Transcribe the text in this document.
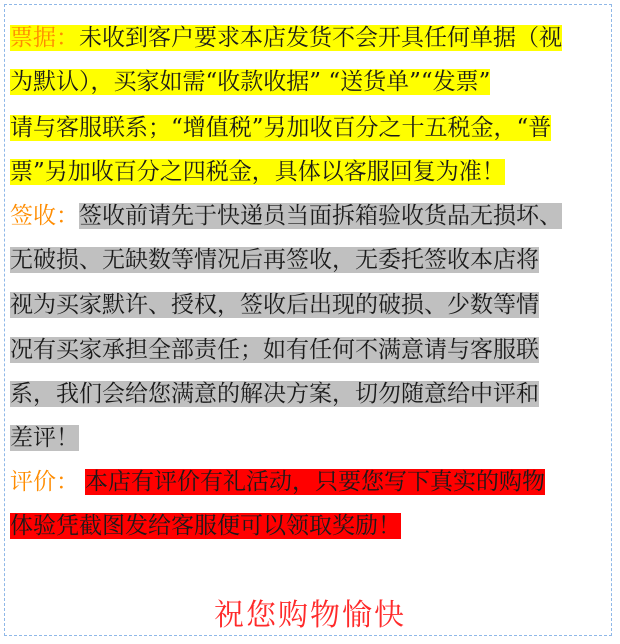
票据：未收到客户要求本店发货不会开具任何单据（视
为默认），买家如需“收款收据” “送货单”“发票”
请与客服联系；“增值税”另加收百分之十五税金，“普
票”另加收百分之四税金，具体以客服回复为准！
签收：签收前请先于快递员当面拆箱验收货品无损坏、
无破损、无缺数等情况后再签收，无委托签收本店将
视为买家默许、授权，签收后出现的破损、少数等情
况有买家承担全部责任；如有任何不满意请与客服联
系，我们会给您满意的解决方案，切勿随意给中评和
差评！
评价： 本店有评价有礼活动，只要您写下真实的购物
体验凭截图发给客服便可以领取奖励！
祝您购物愉快
